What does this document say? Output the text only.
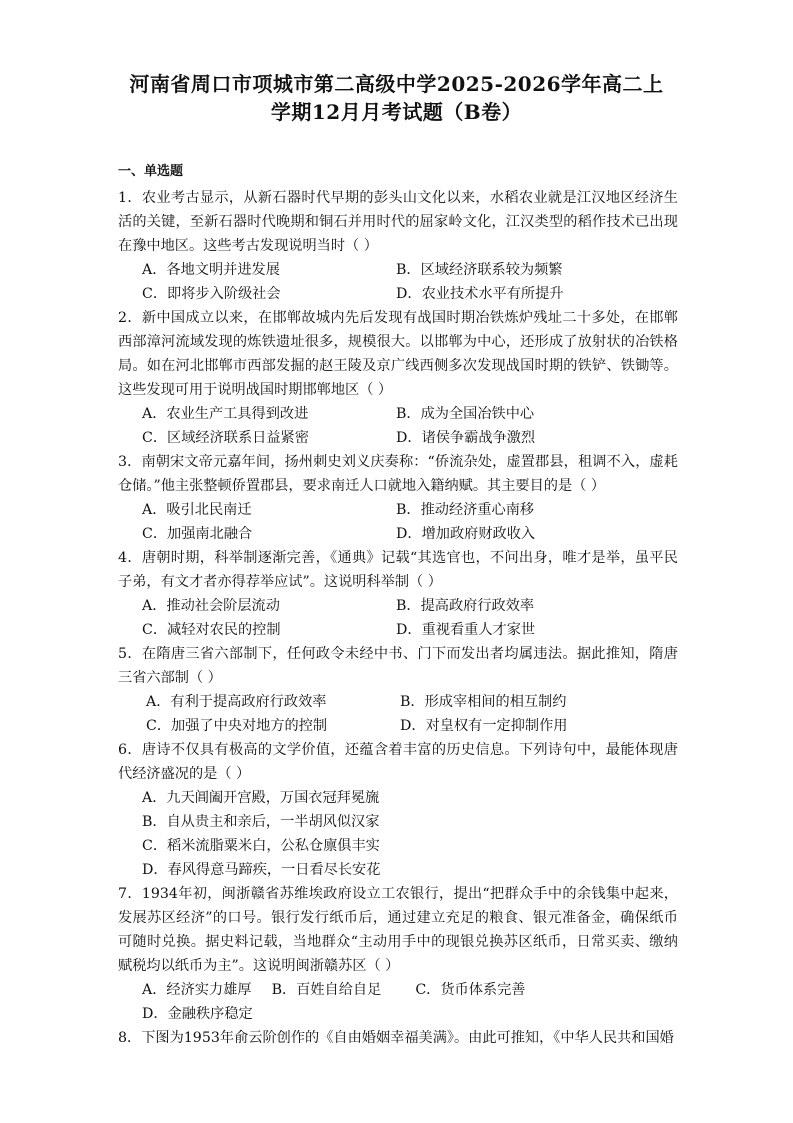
河南省周口市项城市第二高级中学2025-2026学年高二上
学期12月月考试题（B卷）
一、单选题

1．农业考古显示，从新石器时代早期的彭头山文化以来，水稻农业就是江汉地区经济生活的关键，至新石器时代晚期和铜石并用时代的屈家岭文化，江汉类型的稻作技术已出现在豫中地区。这些考古发现说明当时（ ）

A．各地文明并进发展	B．区域经济联系较为频繁
C．即将步入阶级社会	D．农业技术水平有所提升

2．新中国成立以来，在邯郸故城内先后发现有战国时期冶铁炼炉残址二十多处，在邯郸西部漳河流域发现的炼铁遗址很多，规模很大。以邯郸为中心，还形成了放射状的冶铁格局。如在河北邯郸市西部发掘的赵王陵及京广线西侧多次发现战国时期的铁铲、铁锄等。这些发现可用于说明战国时期邯郸地区（ ）

A．农业生产工具得到改进	B．成为全国冶铁中心
C．区域经济联系日益紧密	D．诸侯争霸战争激烈

3．南朝宋文帝元嘉年间，扬州刺史刘义庆奏称：“侨流杂处，虚置郡县，租调不入，虚耗仓储。”他主张整顿侨置郡县，要求南迁人口就地入籍纳赋。其主要目的是（ ）

A．吸引北民南迁	B．推动经济重心南移
C．加强南北融合	D．增加政府财政收入

4．唐朝时期，科举制逐渐完善，《通典》记载“其选官也，不问出身，唯才是举，虽平民子弟，有文才者亦得荐举应试”。这说明科举制（ ）

A．推动社会阶层流动	B．提高政府行政效率
C．减轻对农民的控制	D．重视看重人才家世

5．在隋唐三省六部制下，任何政令未经中书、门下而发出者均属违法。据此推知，隋唐三省六部制（ ）

A．有利于提高政府行政效率	B．形成宰相间的相互制约
C．加强了中央对地方的控制	D．对皇权有一定抑制作用

6．唐诗不仅具有极高的文学价值，还蕴含着丰富的历史信息。下列诗句中，最能体现唐代经济盛况的是（ ）

A．九天阊阖开宫殿，万国衣冠拜冕旒
B．自从贵主和亲后，一半胡风似汉家
C．稻米流脂粟米白，公私仓廪俱丰实
D．春风得意马蹄疾，一日看尽长安花

7．1934年初，闽浙赣省苏维埃政府设立工农银行，提出“把群众手中的余钱集中起来，发展苏区经济”的口号。银行发行纸币后，通过建立充足的粮食、银元准备金，确保纸币可随时兑换。据史料记载，当地群众“主动用手中的现银兑换苏区纸币，日常买卖、缴纳赋税均以纸币为主”。这说明闽浙赣苏区（ ）

A．经济实力雄厚 B．百姓自给自足 C．货币体系完善
D．金融秩序稳定

8．下图为1953年俞云阶创作的《自由婚姻幸福美满》。由此可推知，《中华人民共和国婚
